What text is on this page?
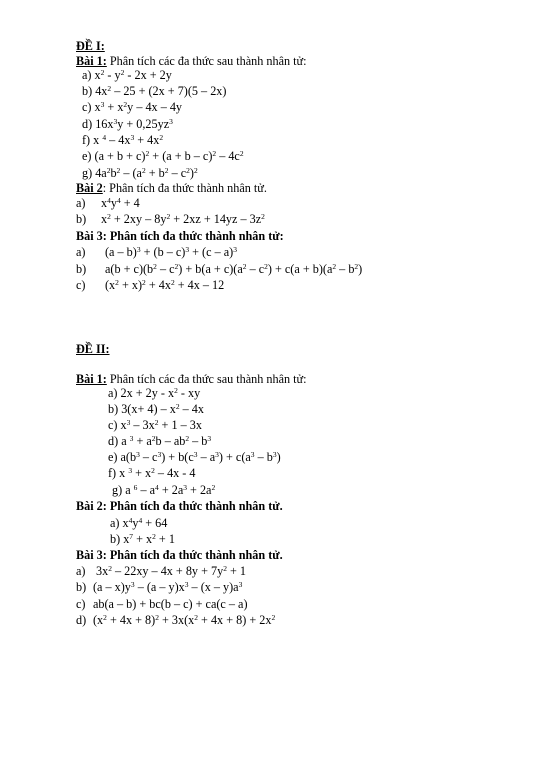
ĐỀ I:
Bài 1: Phân tích các đa thức sau thành nhân tử:
a) $x^2 - y^2 - 2x + 2y$
b) $4x^2 - 25 + (2x + 7)(5 - 2x)$
c) $x^3 + x^2y - 4x - 4y$
d) $16x^3y + 0,25yz^3$
f) x $^4 - 4x^3 + 4x^2$
e) $(a + b + c)^2 + (a + b - c)^2 - 4c^2$
g) $4a^2b^2 - (a^2 + b^2 - c^2)^2$
Bài 2: Phân tích đa thức thành nhân tử.
a) $x^4y^4 + 4$
b) $x^2 + 2xy - 8y^2 + 2xz + 14yz - 3z^2$
Bài 3: Phân tích đa thức thành nhân tử:
a) (a – b)$^3$ + (b – c)$^3$ + (c – a)$^3$
b) $a(b + c)(b^2 - c^2) + b(a + c)(a^2 - c^2) + c(a + b)(a^2 - b^2)$
c) $(x^2 + x)^2 + 4x^2 + 4x - 12$
ĐỀ II:
Bài 1: Phân tích các đa thức sau thành nhân tử:
a) $2x + 2y - x^2$ - xy
b) $3(x+ 4) - x^2 - 4x$
c) $x^3 - 3x^2 + 1 - 3x$
d) a $^3 + a^2b - ab^2 - b^3$
e) $a(b^3 - c^3) + b(c^3 - a^3) + c(a^3 - b^3)$
f) x $^3 + x^2 - 4x - 4$
g) a $^6 - a^4 + 2a^3 + 2a^2$
Bài 2: Phân tích đa thức thành nhân tử.
a) $x^4y^4 + 64$
b) $x^7 + x^2 + 1$
Bài 3: Phân tích đa thức thành nhân tử.
a) $3x^2 - 22xy - 4x + 8y + 7y^2 + 1$
b) $(a - x)y^3 - (a - y)x^3 - (x - y)a^3$
c) ab(a – b) + bc(b – c) + ca(c – a)
d) $(x^2 + 4x + 8)^2 + 3x(x^2 + 4x + 8) + 2x^2$
